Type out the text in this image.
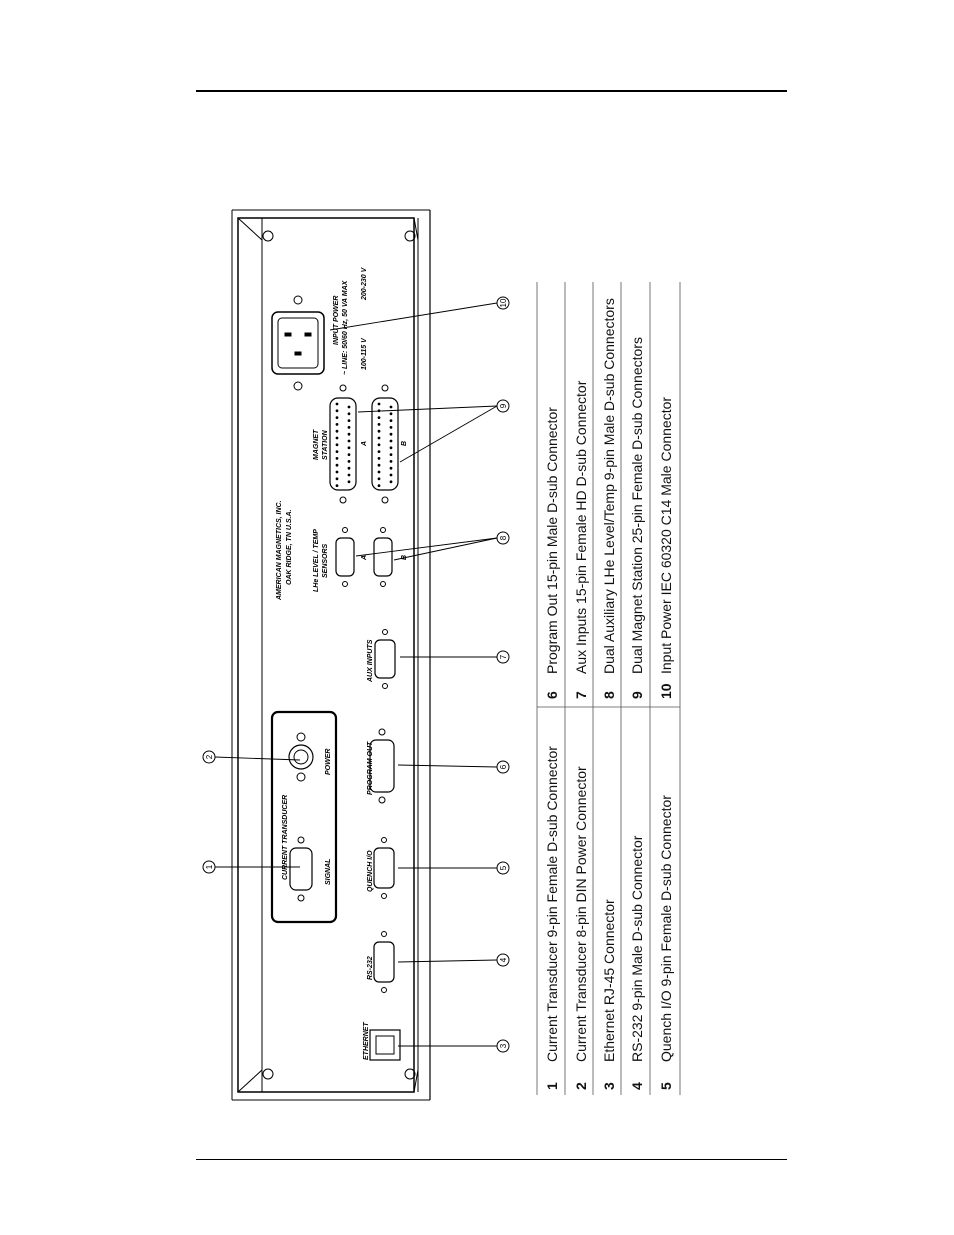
AMERICAN MAGNETICS, INC. OAK RIDGE, TN U.S.A.
ETHERNET
RS-232
CURRENT TRANSDUCER	SIGNAL
POWER
QUENCH I/O
PROGRAM OUT
AUX INPUTS
LHe LEVEL / TEMP SENSORS	A	B
MAGNET STATION	A	B
INPUT POWER ~ LINE: 50/60 Hz, 50 VA MAX 100-115 V
200-230 V
1
2
3
4
5
6
7
8
9
10
1
Current Transducer 9-pin Female D-sub Connector
2
Current Transducer 8-pin DIN Power Connector
3
Ethernet RJ-45 Connector
4
RS-232 9-pin Male D-sub Connector
5
Quench I/O 9-pin Female D-sub Connector
6
Program Out 15-pin Male D-sub Connector
7
Aux Inputs 15-pin Female HD D-sub Connector
8
Dual Auxiliary LHe Level/Temp 9-pin Male D-sub Connectors
9
Dual Magnet Station 25-pin Female D-sub Connectors
10
Input Power IEC 60320 C14 Male Connector
